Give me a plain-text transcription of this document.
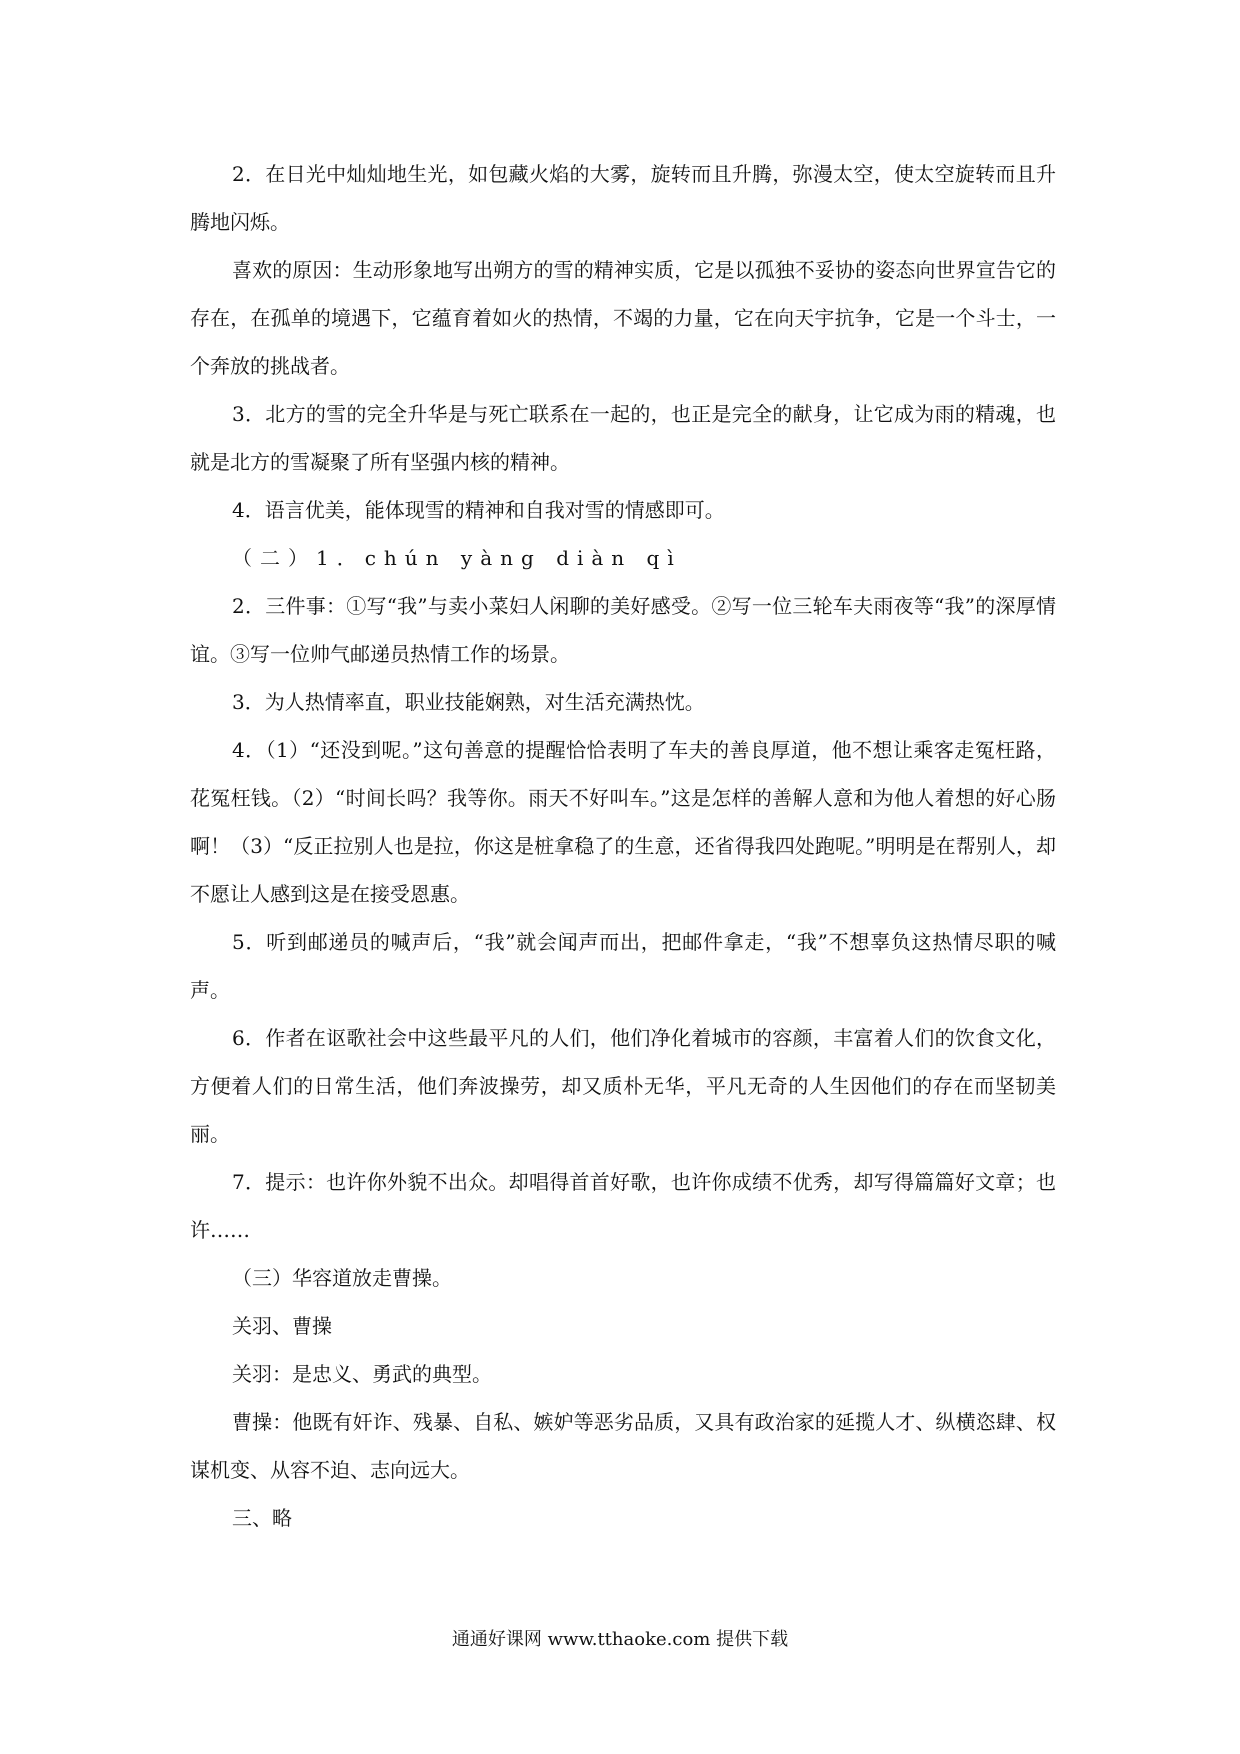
2．在日光中灿灿地生光，如包藏火焰的大雾，旋转而且升腾，弥漫太空，使太空旋转而且升腾地闪烁。

喜欢的原因：生动形象地写出朔方的雪的精神实质，它是以孤独不妥协的姿态向世界宣告它的存在，在孤单的境遇下，它蕴育着如火的热情，不竭的力量，它在向天宇抗争，它是一个斗士，一个奔放的挑战者。

3．北方的雪的完全升华是与死亡联系在一起的，也正是完全的献身，让它成为雨的精魂，也就是北方的雪凝聚了所有坚强内核的精神。

4．语言优美，能体现雪的精神和自我对雪的情感即可。

（二）1．chún yàng diàn qì

2．三件事：①写“我”与卖小菜妇人闲聊的美好感受。②写一位三轮车夫雨夜等“我”的深厚情谊。③写一位帅气邮递员热情工作的场景。

3．为人热情率直，职业技能娴熟，对生活充满热忱。

4．（1）“还没到呢。”这句善意的提醒恰恰表明了车夫的善良厚道，他不想让乘客走冤枉路，花冤枉钱。（2）“时间长吗？我等你。雨天不好叫车。”这是怎样的善解人意和为他人着想的好心肠啊！（3）“反正拉别人也是拉，你这是桩拿稳了的生意，还省得我四处跑呢。”明明是在帮别人，却不愿让人感到这是在接受恩惠。

5．听到邮递员的喊声后，“我”就会闻声而出，把邮件拿走，“我”不想辜负这热情尽职的喊声。

6．作者在讴歌社会中这些最平凡的人们，他们净化着城市的容颜，丰富着人们的饮食文化，方便着人们的日常生活，他们奔波操劳，却又质朴无华，平凡无奇的人生因他们的存在而坚韧美丽。

7．提示：也许你外貌不出众。却唱得首首好歌，也许你成绩不优秀，却写得篇篇好文章；也许……

（三）华容道放走曹操。

关羽、曹操

关羽：是忠义、勇武的典型。

曹操：他既有奸诈、残暴、自私、嫉妒等恶劣品质，又具有政治家的延揽人才、纵横恣肆、权谋机变、从容不迫、志向远大。

三、略

通通好课网 www.tthaoke.com 提供下载
